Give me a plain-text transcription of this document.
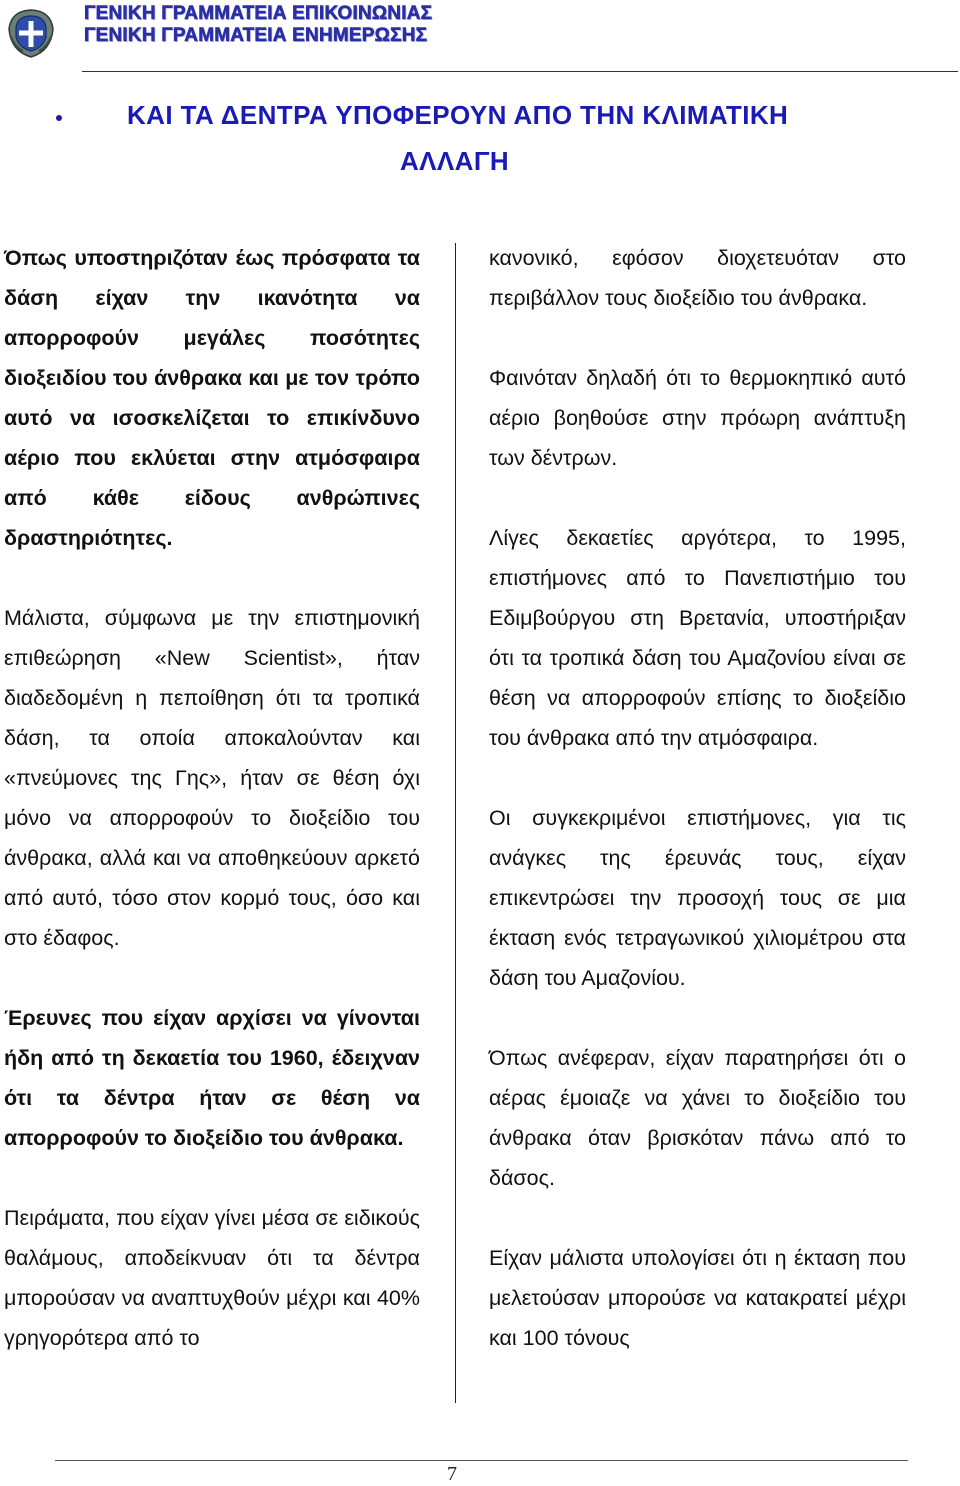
ΓΕΝΙΚΗ ΓΡΑΜΜΑΤΕΙΑ ΕΠΙΚΟΙΝΩΝΙΑΣ
ΓΕΝΙΚΗ ΓΡΑΜΜΑΤΕΙΑ ΕΝΗΜΕΡΩΣΗΣ
ΚΑΙ ΤΑ ΔΕΝΤΡΑ ΥΠΟΦΕΡΟΥΝ ΑΠΟ ΤΗΝ ΚΛΙΜΑΤΙΚΗ
ΑΛΛΑΓΗ

Όπως υποστηριζόταν έως πρόσφατα τα δάση είχαν την ικανότητα να απορροφούν μεγάλες ποσότητες διοξειδίου του άνθρακα και με τον τρόπο αυτό να ισοσκελίζεται το επικίνδυνο αέριο που εκλύεται στην ατμόσφαιρα από κάθε είδους ανθρώπινες δραστηριότητες.

Μάλιστα, σύμφωνα με την επιστημονική επιθεώρηση «New Scientist», ήταν διαδεδομένη η πεποίθηση ότι τα τροπικά δάση, τα οποία αποκαλούνταν και «πνεύμονες της Γης», ήταν σε θέση όχι μόνο να απορροφούν το διοξείδιο του άνθρακα, αλλά και να αποθηκεύουν αρκετό από αυτό, τόσο στον κορμό τους, όσο και στο έδαφος.

Έρευνες που είχαν αρχίσει να γίνονται ήδη από τη δεκαετία του 1960, έδειχναν ότι τα δέντρα ήταν σε θέση να απορροφούν το διοξείδιο του άνθρακα.

Πειράματα, που είχαν γίνει μέσα σε ειδικούς θαλάμους, αποδείκνυαν ότι τα δέντρα μπορούσαν να αναπτυχθούν μέχρι και 40% γρηγορότερα από το

κανονικό, εφόσον διοχετευόταν στο περιβάλλον τους διοξείδιο του άνθρακα.

Φαινόταν δηλαδή ότι το θερμοκηπικό αυτό αέριο βοηθούσε στην πρόωρη ανάπτυξη των δέντρων.

Λίγες δεκαετίες αργότερα, το 1995, επιστήμονες από το Πανεπιστήμιο του Εδιμβούργου στη Βρετανία, υποστήριξαν ότι τα τροπικά δάση του Αμαζονίου είναι σε θέση να απορροφούν επίσης το διοξείδιο του άνθρακα από την ατμόσφαιρα.

Οι συγκεκριμένοι επιστήμονες, για τις ανάγκες της έρευνάς τους, είχαν επικεντρώσει την προσοχή τους σε μια έκταση ενός τετραγωνικού χιλιομέτρου στα δάση του Αμαζονίου.

Όπως ανέφεραν, είχαν παρατηρήσει ότι ο αέρας έμοιαζε να χάνει το διοξείδιο του άνθρακα όταν βρισκόταν πάνω από το δάσος.

Είχαν μάλιστα υπολογίσει ότι η έκταση που μελετούσαν μπορούσε να κατακρατεί μέχρι και 100 τόνους

7
